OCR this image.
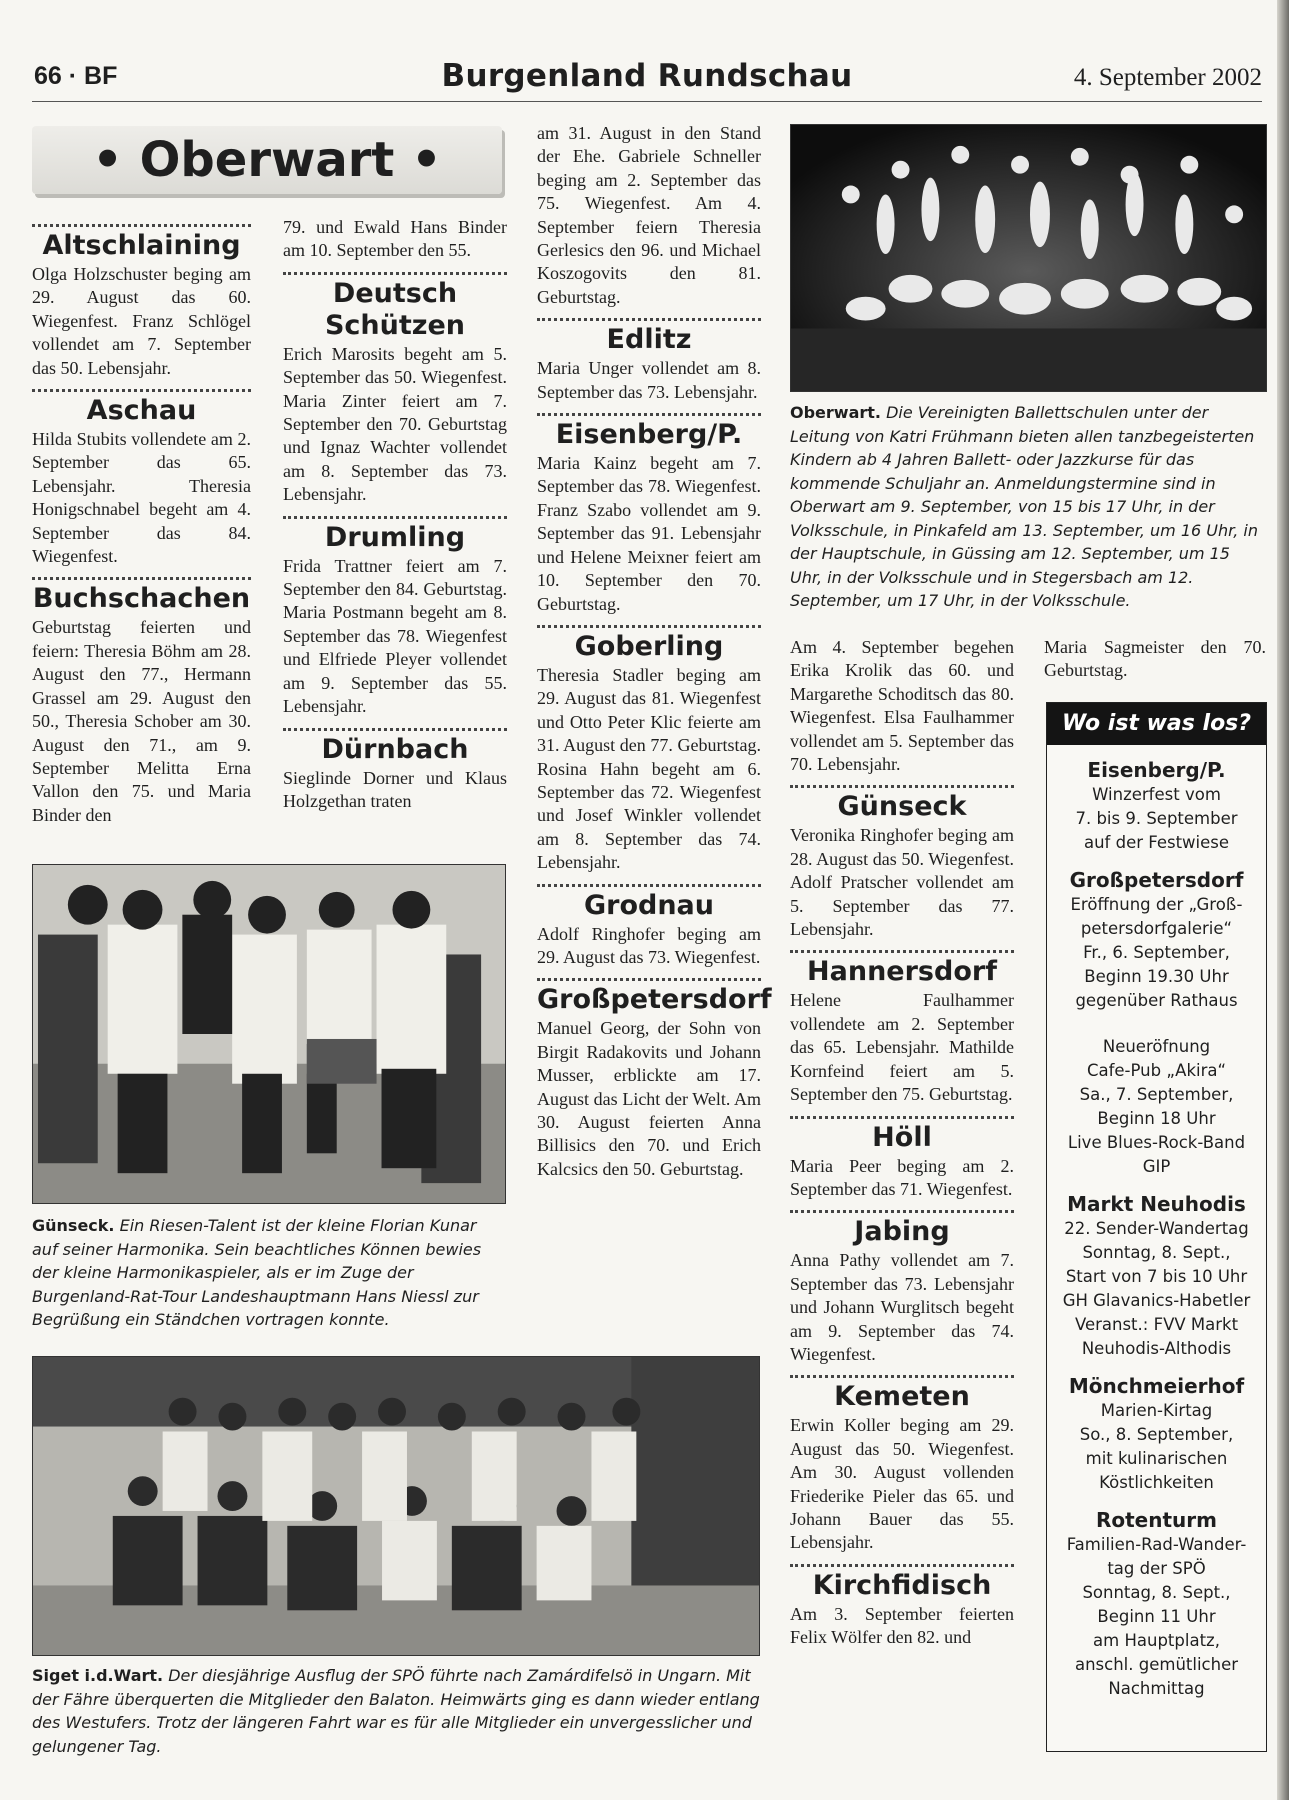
66 · BF	Burgenland Rundschau	4. September 2002
• Oberwart •
Altschlaining

Olga Holzschuster beging am 29. August das 60. Wiegenfest. Franz Schlögel vollendet am 7. September das 50. Lebensjahr.

Aschau

Hilda Stubits vollendete am 2. September das 65. Lebensjahr. Theresia Honigschnabel begeht am 4. September das 84. Wiegenfest.

Buchschachen

Geburtstag feierten und feiern: Theresia Böhm am 28. August den 77., Hermann Grassel am 29. August den 50., Theresia Schober am 30. August den 71., am 9. September Melitta Erna Vallon den 75. und Maria Binder den

79. und Ewald Hans Binder am 10. September den 55.

Deutsch Schützen

Erich Marosits begeht am 5. September das 50. Wiegenfest. Maria Zinter feiert am 7. September den 70. Geburtstag und Ignaz Wachter vollendet am 8. September das 73. Lebensjahr.

Drumling

Frida Trattner feiert am 7. September den 84. Geburtstag. Maria Postmann begeht am 8. September das 78. Wiegenfest und Elfriede Pleyer vollendet am 9. September das 55. Lebensjahr.

Dürnbach

Sieglinde Dorner und Klaus Holzgethan traten

am 31. August in den Stand der Ehe. Gabriele Schneller beging am 2. September das 75. Wiegenfest. Am 4. September feiern Theresia Gerlesics den 96. und Michael Koszogovits den 81. Geburtstag.

Edlitz

Maria Unger vollendet am 8. September das 73. Lebensjahr.

Eisenberg/P.

Maria Kainz begeht am 7. September das 78. Wiegenfest. Franz Szabo vollendet am 9. September das 91. Lebensjahr und Helene Meixner feiert am 10. September den 70. Geburtstag.

Goberling

Theresia Stadler beging am 29. August das 81. Wiegenfest und Otto Peter Klic feierte am 31. August den 77. Geburtstag. Rosina Hahn begeht am 6. September das 72. Wiegenfest und Josef Winkler vollendet am 8. September das 74. Lebensjahr.

Grodnau

Adolf Ringhofer beging am 29. August das 73. Wiegenfest.

Großpetersdorf

Manuel Georg, der Sohn von Birgit Radakovits und Johann Musser, erblickte am 17. August das Licht der Welt. Am 30. August feierten Anna Billisics den 70. und Erich Kalcsics den 50. Geburtstag.

Oberwart. Die Vereinigten Ballettschulen unter der Leitung von Katri Frühmann bieten allen tanzbegeisterten Kindern ab 4 Jahren Ballett- oder Jazzkurse für das kommende Schuljahr an. Anmeldungstermine sind in Oberwart am 9. September, von 15 bis 17 Uhr, in der Volksschule, in Pinkafeld am 13. September, um 16 Uhr, in der Hauptschule, in Güssing am 12. September, um 15 Uhr, in der Volksschule und in Stegersbach am 12. September, um 17 Uhr, in der Volksschule.

Am 4. September begehen Erika Krolik das 60. und Margarethe Schoditsch das 80. Wiegenfest. Elsa Faulhammer vollendet am 5. September das 70. Lebensjahr.

Günseck

Veronika Ringhofer beging am 28. August das 50. Wiegenfest. Adolf Pratscher vollendet am 5. September das 77. Lebensjahr.

Hannersdorf

Helene Faulhammer vollendete am 2. September das 65. Lebensjahr. Mathilde Kornfeind feiert am 5. September den 75. Geburtstag.

Höll

Maria Peer beging am 2. September das 71. Wiegenfest.

Jabing

Anna Pathy vollendet am 7. September das 73. Lebensjahr und Johann Wurglitsch begeht am 9. September das 74. Wiegenfest.

Kemeten

Erwin Koller beging am 29. August das 50. Wiegenfest. Am 30. August vollenden Friederike Pieler das 65. und Johann Bauer das 55. Lebensjahr.

Kirchfidisch

Am 3. September feierten Felix Wölfer den 82. und

Maria Sagmeister den 70. Geburtstag.

Wo ist was los?
Eisenberg/P.
Winzerfest vom
7. bis 9. September
auf der Festwiese
Großpetersdorf
Eröffnung der „Groß-
petersdorfgalerie“
Fr., 6. September,
Beginn 19.30 Uhr
gegenüber Rathaus
Neueröfnung
Cafe-Pub „Akira“
Sa., 7. September,
Beginn 18 Uhr
Live Blues-Rock-Band
GIP
Markt Neuhodis
22. Sender-Wandertag
Sonntag, 8. Sept.,
Start von 7 bis 10 Uhr
GH Glavanics-Habetler
Veranst.: FVV Markt
Neuhodis-Althodis
Mönchmeierhof
Marien-Kirtag
So., 8. September,
mit kulinarischen
Köstlichkeiten
Rotenturm
Familien-Rad-Wander-
tag der SPÖ
Sonntag, 8. Sept.,
Beginn 11 Uhr
am Hauptplatz,
anschl. gemütlicher
Nachmittag
Günseck. Ein Riesen-Talent ist der kleine Florian Kunar auf seiner Harmonika. Sein beachtliches Können bewies der kleine Harmonikaspieler, als er im Zuge der Burgenland-Rat-Tour Landeshauptmann Hans Niessl zur Begrüßung ein Ständchen vortragen konnte.
Siget i.d.Wart. Der diesjährige Ausflug der SPÖ führte nach Zamárdifelsö in Ungarn. Mit der Fähre überquerten die Mitglieder den Balaton. Heimwärts ging es dann wieder entlang des Westufers. Trotz der längeren Fahrt war es für alle Mitglieder ein unvergesslicher und gelungener Tag.
